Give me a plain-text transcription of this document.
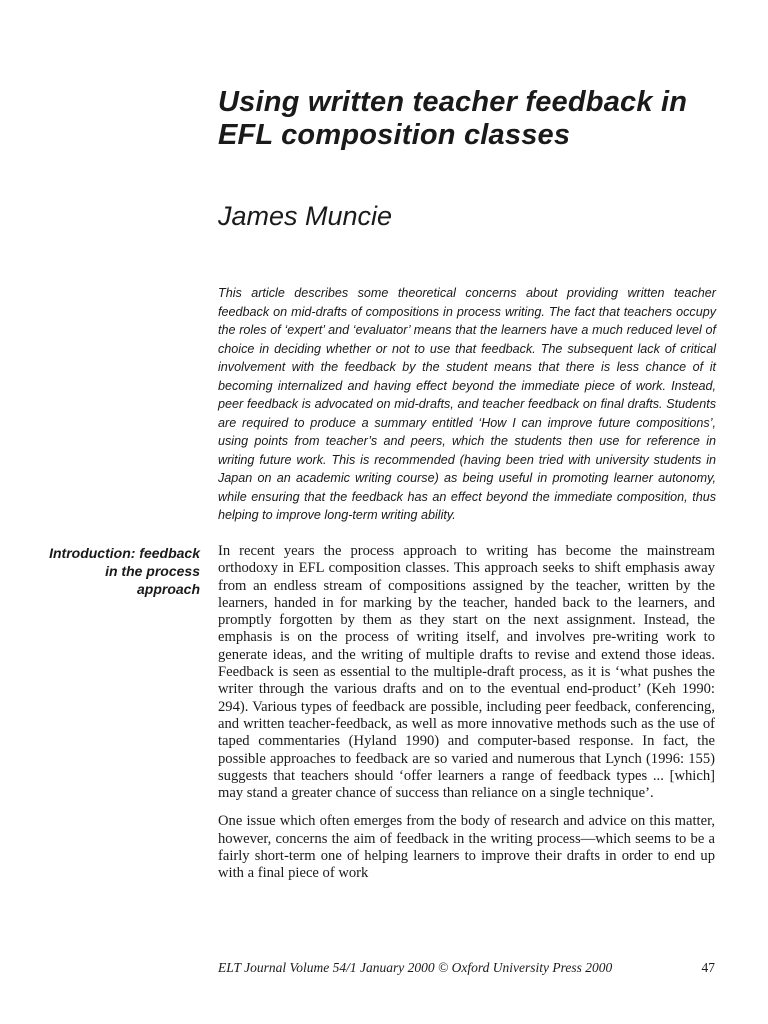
Using written teacher feedback in EFL composition classes
James Muncie

This article describes some theoretical concerns about providing written teacher feedback on mid-drafts of compositions in process writing. The fact that teachers occupy the roles of ‘expert’ and ‘evaluator’ means that the learners have a much reduced level of choice in deciding whether or not to use that feedback. The subsequent lack of critical involvement with the feedback by the student means that there is less chance of it becoming internalized and having effect beyond the immediate piece of work. Instead, peer feedback is advocated on mid-drafts, and teacher feedback on final drafts. Students are required to produce a summary entitled ‘How I can improve future compositions’, using points from teacher’s and peers, which the students then use for reference in writing future work. This is recommended (having been tried with university students in Japan on an academic writing course) as being useful in promoting learner autonomy, while ensuring that the feedback has an effect beyond the immediate composition, thus helping to improve long-term writing ability.

Introduction: feedback in the process approach

In recent years the process approach to writing has become the mainstream orthodoxy in EFL composition classes. This approach seeks to shift emphasis away from an endless stream of compositions assigned by the teacher, written by the learners, handed in for marking by the teacher, handed back to the learners, and promptly forgotten by them as they start on the next assignment. Instead, the emphasis is on the process of writing itself, and involves pre-writing work to generate ideas, and the writing of multiple drafts to revise and extend those ideas. Feedback is seen as essential to the multiple-draft process, as it is ‘what pushes the writer through the various drafts and on to the eventual end-product’ (Keh 1990: 294). Various types of feedback are possible, including peer feedback, conferencing, and written teacher-feedback, as well as more innovative methods such as the use of taped commentaries (Hyland 1990) and computer-based response. In fact, the possible approaches to feedback are so varied and numerous that Lynch (1996: 155) suggests that teachers should ‘offer learners a range of feedback types ... [which] may stand a greater chance of success than reliance on a single technique’.

One issue which often emerges from the body of research and advice on this matter, however, concerns the aim of feedback in the writing process—which seems to be a fairly short-term one of helping learners to improve their drafts in order to end up with a final piece of work

ELT Journal Volume 54/1 January 2000 © Oxford University Press 2000	47
